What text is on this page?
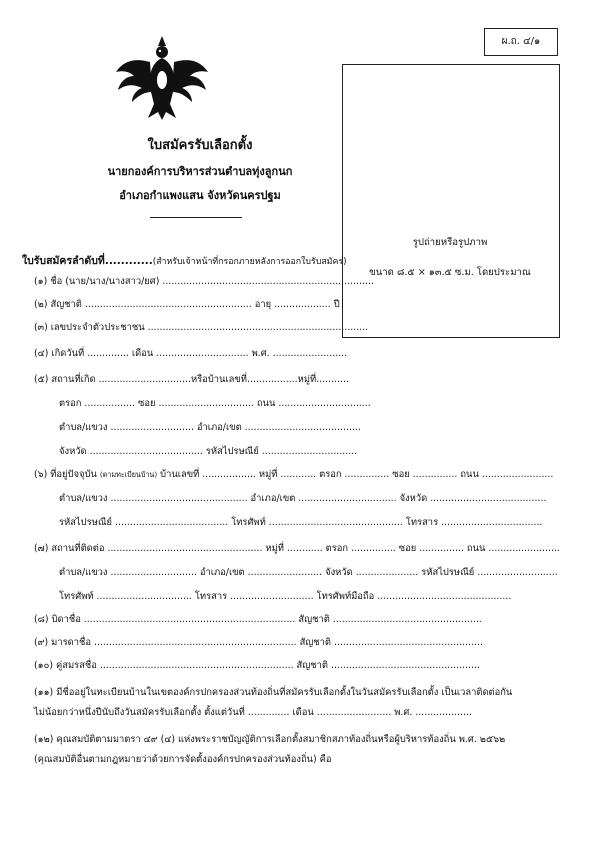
ผ.ถ. ๔/๑
ใบสมัครรับเลือกตั้ง
นายกองค์การบริหารส่วนตำบลทุ่งลูกนก
อำเภอกำแพงแสน จังหวัดนครปฐม
รูปถ่ายหรือรูปภาพ
ขนาด ๘.๕ × ๑๓.๕ ซ.ม. โดยประมาณ
ใบรับสมัครลำดับที่............(สำหรับเจ้าหน้าที่กรอกภายหลังการออกใบรับสมัคร)
(๑) ชื่อ (นาย/นาง/นางสาว/ยศ) .......................................................................
(๒) สัญชาติ ........................................................ อายุ ................... ปี
(๓) เลขประจำตัวประชาชน ..........................................................................
(๔) เกิดวันที่ .............. เดือน ............................... พ.ศ. .........................
(๕) สถานที่เกิด ...............................หรือบ้านเลขที่.................หมู่ที่...........
ตรอก ................. ซอย ................................ ถนน ...............................
ตำบล/แขวง ............................ อำเภอ/เขต .......................................
จังหวัด ...................................... รหัสไปรษณีย์ ................................
(๖) ที่อยู่ปัจจุบัน (ตามทะเบียนบ้าน) บ้านเลขที่ .................. หมู่ที่ ............ ตรอก ............... ซอย ............... ถนน ........................
ตำบล/แขวง .............................................. อำเภอ/เขต ................................. จังหวัด .......................................
รหัสไปรษณีย์ ...................................... โทรศัพท์ ............................................. โทรสาร ..................................
(๗) สถานที่ติดต่อ .................................................... หมู่ที่ ............ ตรอก ............... ซอย ............... ถนน ........................
ตำบล/แขวง ............................. อำเภอ/เขต ......................... จังหวัด ..................... รหัสไปรษณีย์ ...........................
โทรศัพท์ ................................ โทรสาร ............................ โทรศัพท์มือถือ .............................................
(๘) บิดาชื่อ ....................................................................... สัญชาติ ..................................................
(๙) มารดาชื่อ .................................................................... สัญชาติ ..................................................
(๑๐) คู่สมรสชื่อ ................................................................. สัญชาติ ..................................................
(๑๑) มีชื่ออยู่ในทะเบียนบ้านในเขตองค์กรปกครองส่วนท้องถิ่นที่สมัครรับเลือกตั้งในวันสมัครรับเลือกตั้ง เป็นเวลาติดต่อกัน
ไม่น้อยกว่าหนึ่งปีนับถึงวันสมัครรับเลือกตั้ง ตั้งแต่วันที่ .............. เดือน ......................... พ.ศ. ...................
(๑๒) คุณสมบัติตามมาตรา ๔๙ (๔) แห่งพระราชบัญญัติการเลือกตั้งสมาชิกสภาท้องถิ่นหรือผู้บริหารท้องถิ่น พ.ศ. ๒๕๖๒
(คุณสมบัติอื่นตามกฎหมายว่าด้วยการจัดตั้งองค์กรปกครองส่วนท้องถิ่น) คือ
